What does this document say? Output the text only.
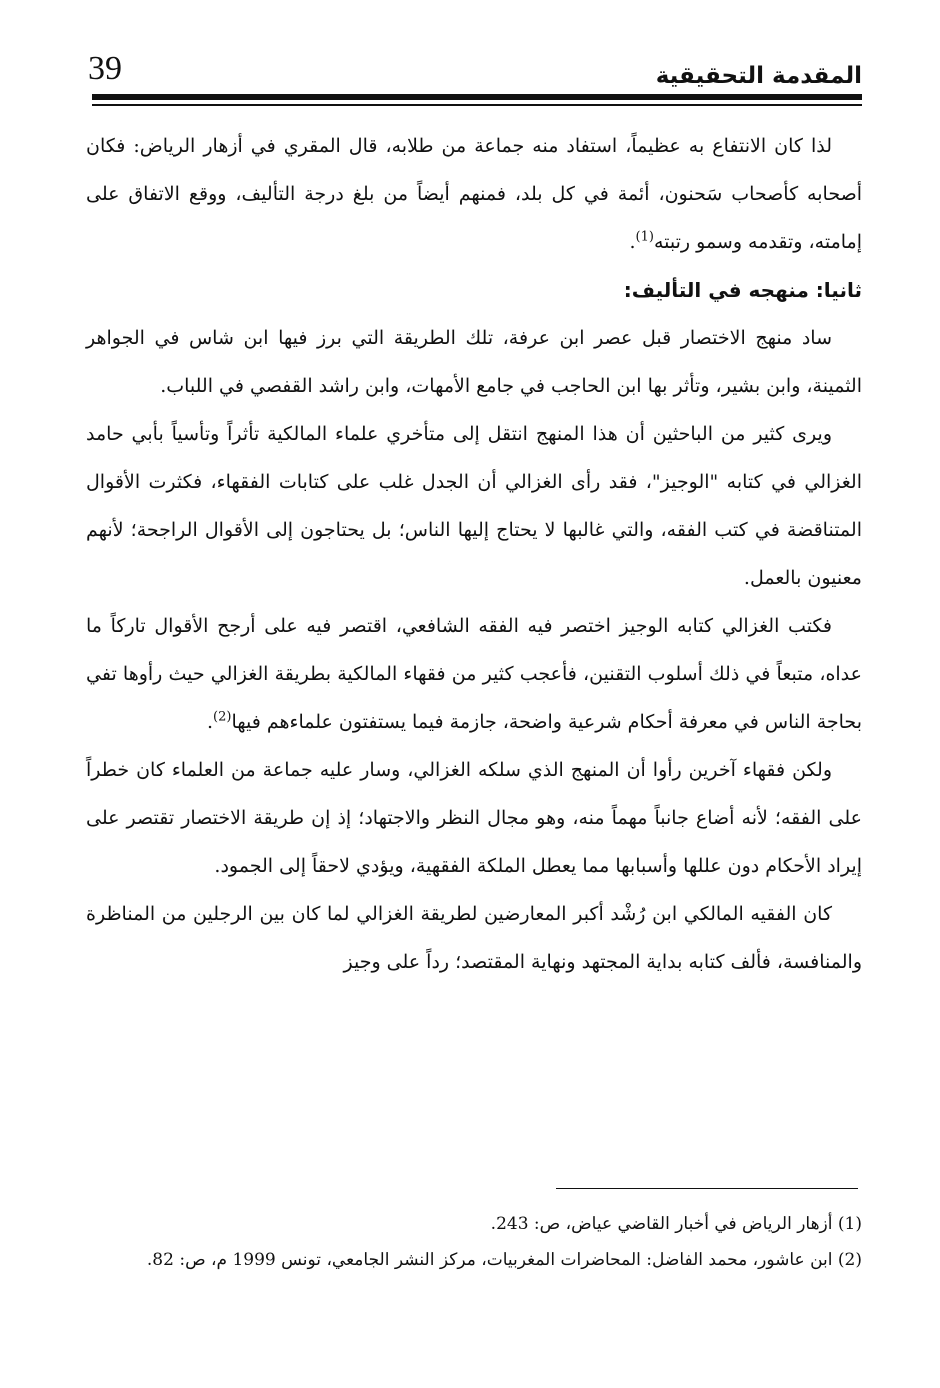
39	المقدمة التحقيقية

لذا كان الانتفاع به عظيماً، استفاد منه جماعة من طلابه، قال المقري في أزهار الرياض: فكان أصحابه كأصحاب سَحنون، أئمة في كل بلد، فمنهم أيضاً من بلغ درجة التأليف، ووقع الاتفاق على إمامته، وتقدمه وسمو رتبته$^{(1)}$.

ثانيا: منهجه في التأليف:

ساد منهج الاختصار قبل عصر ابن عرفة، تلك الطريقة التي برز فيها ابن شاس في الجواهر الثمينة، وابن بشير، وتأثر بها ابن الحاجب في جامع الأمهات، وابن راشد القفصي في اللباب.

ويرى كثير من الباحثين أن هذا المنهج انتقل إلى متأخري علماء المالكية تأثراً وتأسياً بأبي حامد الغزالي في كتابه "الوجيز"، فقد رأى الغزالي أن الجدل غلب على كتابات الفقهاء، فكثرت الأقوال المتناقضة في كتب الفقه، والتي غالبها لا يحتاج إليها الناس؛ بل يحتاجون إلى الأقوال الراجحة؛ لأنهم معنيون بالعمل.

فكتب الغزالي كتابه الوجيز اختصر فيه الفقه الشافعي، اقتصر فيه على أرجح الأقوال تاركاً ما عداه، متبعاً في ذلك أسلوب التقنين، فأعجب كثير من فقهاء المالكية بطريقة الغزالي حيث رأوها تفي بحاجة الناس في معرفة أحكام شرعية واضحة، جازمة فيما يستفتون علماءهم فيها$^{(2)}$.

ولكن فقهاء آخرين رأوا أن المنهج الذي سلكه الغزالي، وسار عليه جماعة من العلماء كان خطراً على الفقه؛ لأنه أضاع جانباً مهماً منه، وهو مجال النظر والاجتهاد؛ إذ إن طريقة الاختصار تقتصر على إيراد الأحكام دون عللها وأسبابها مما يعطل الملكة الفقهية، ويؤدي لاحقاً إلى الجمود.

كان الفقيه المالكي ابن رُشْد أكبر المعارضين لطريقة الغزالي لما كان بين الرجلين من المناظرة والمنافسة، فألف كتابه بداية المجتهد ونهاية المقتصد؛ رداً على وجيز

(1) أزهار الرياض في أخبار القاضي عياض، ص: 243.

(2) ابن عاشور، محمد الفاضل: المحاضرات المغربيات، مركز النشر الجامعي، تونس 1999 م، ص: 82.
